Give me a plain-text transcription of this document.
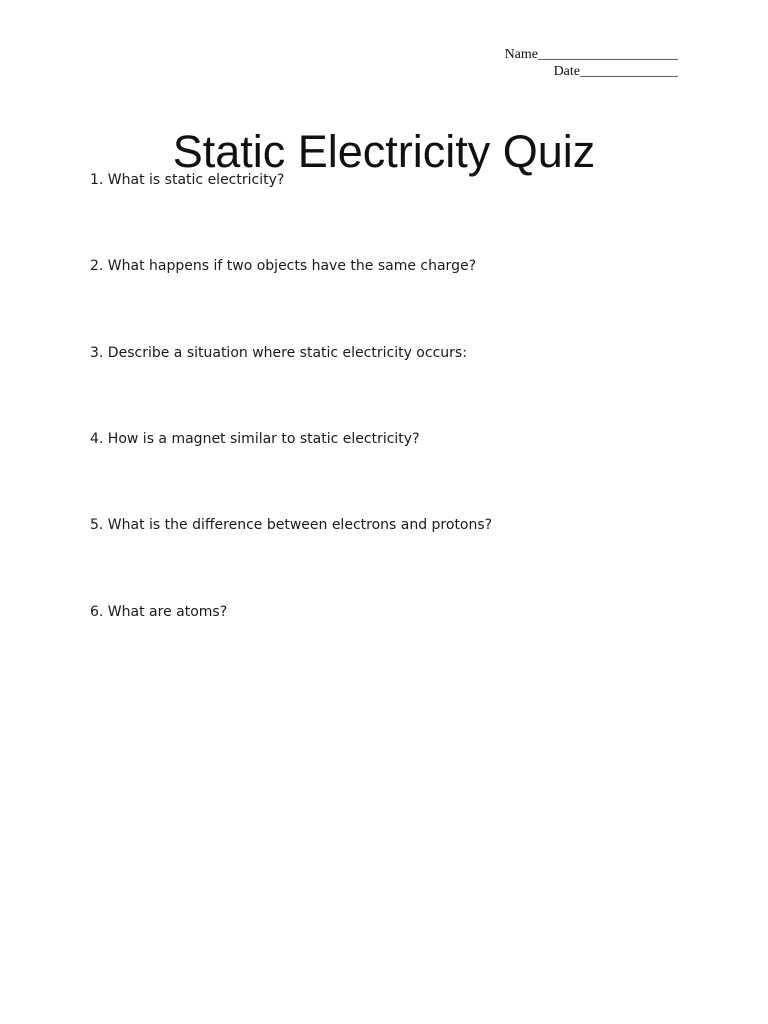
Name____________________
Date______________
Static Electricity Quiz
1. What is static electricity?
2. What happens if two objects have the same charge?
3. Describe a situation where static electricity occurs:
4. How is a magnet similar to static electricity?
5. What is the difference between electrons and protons?
6. What are atoms?
